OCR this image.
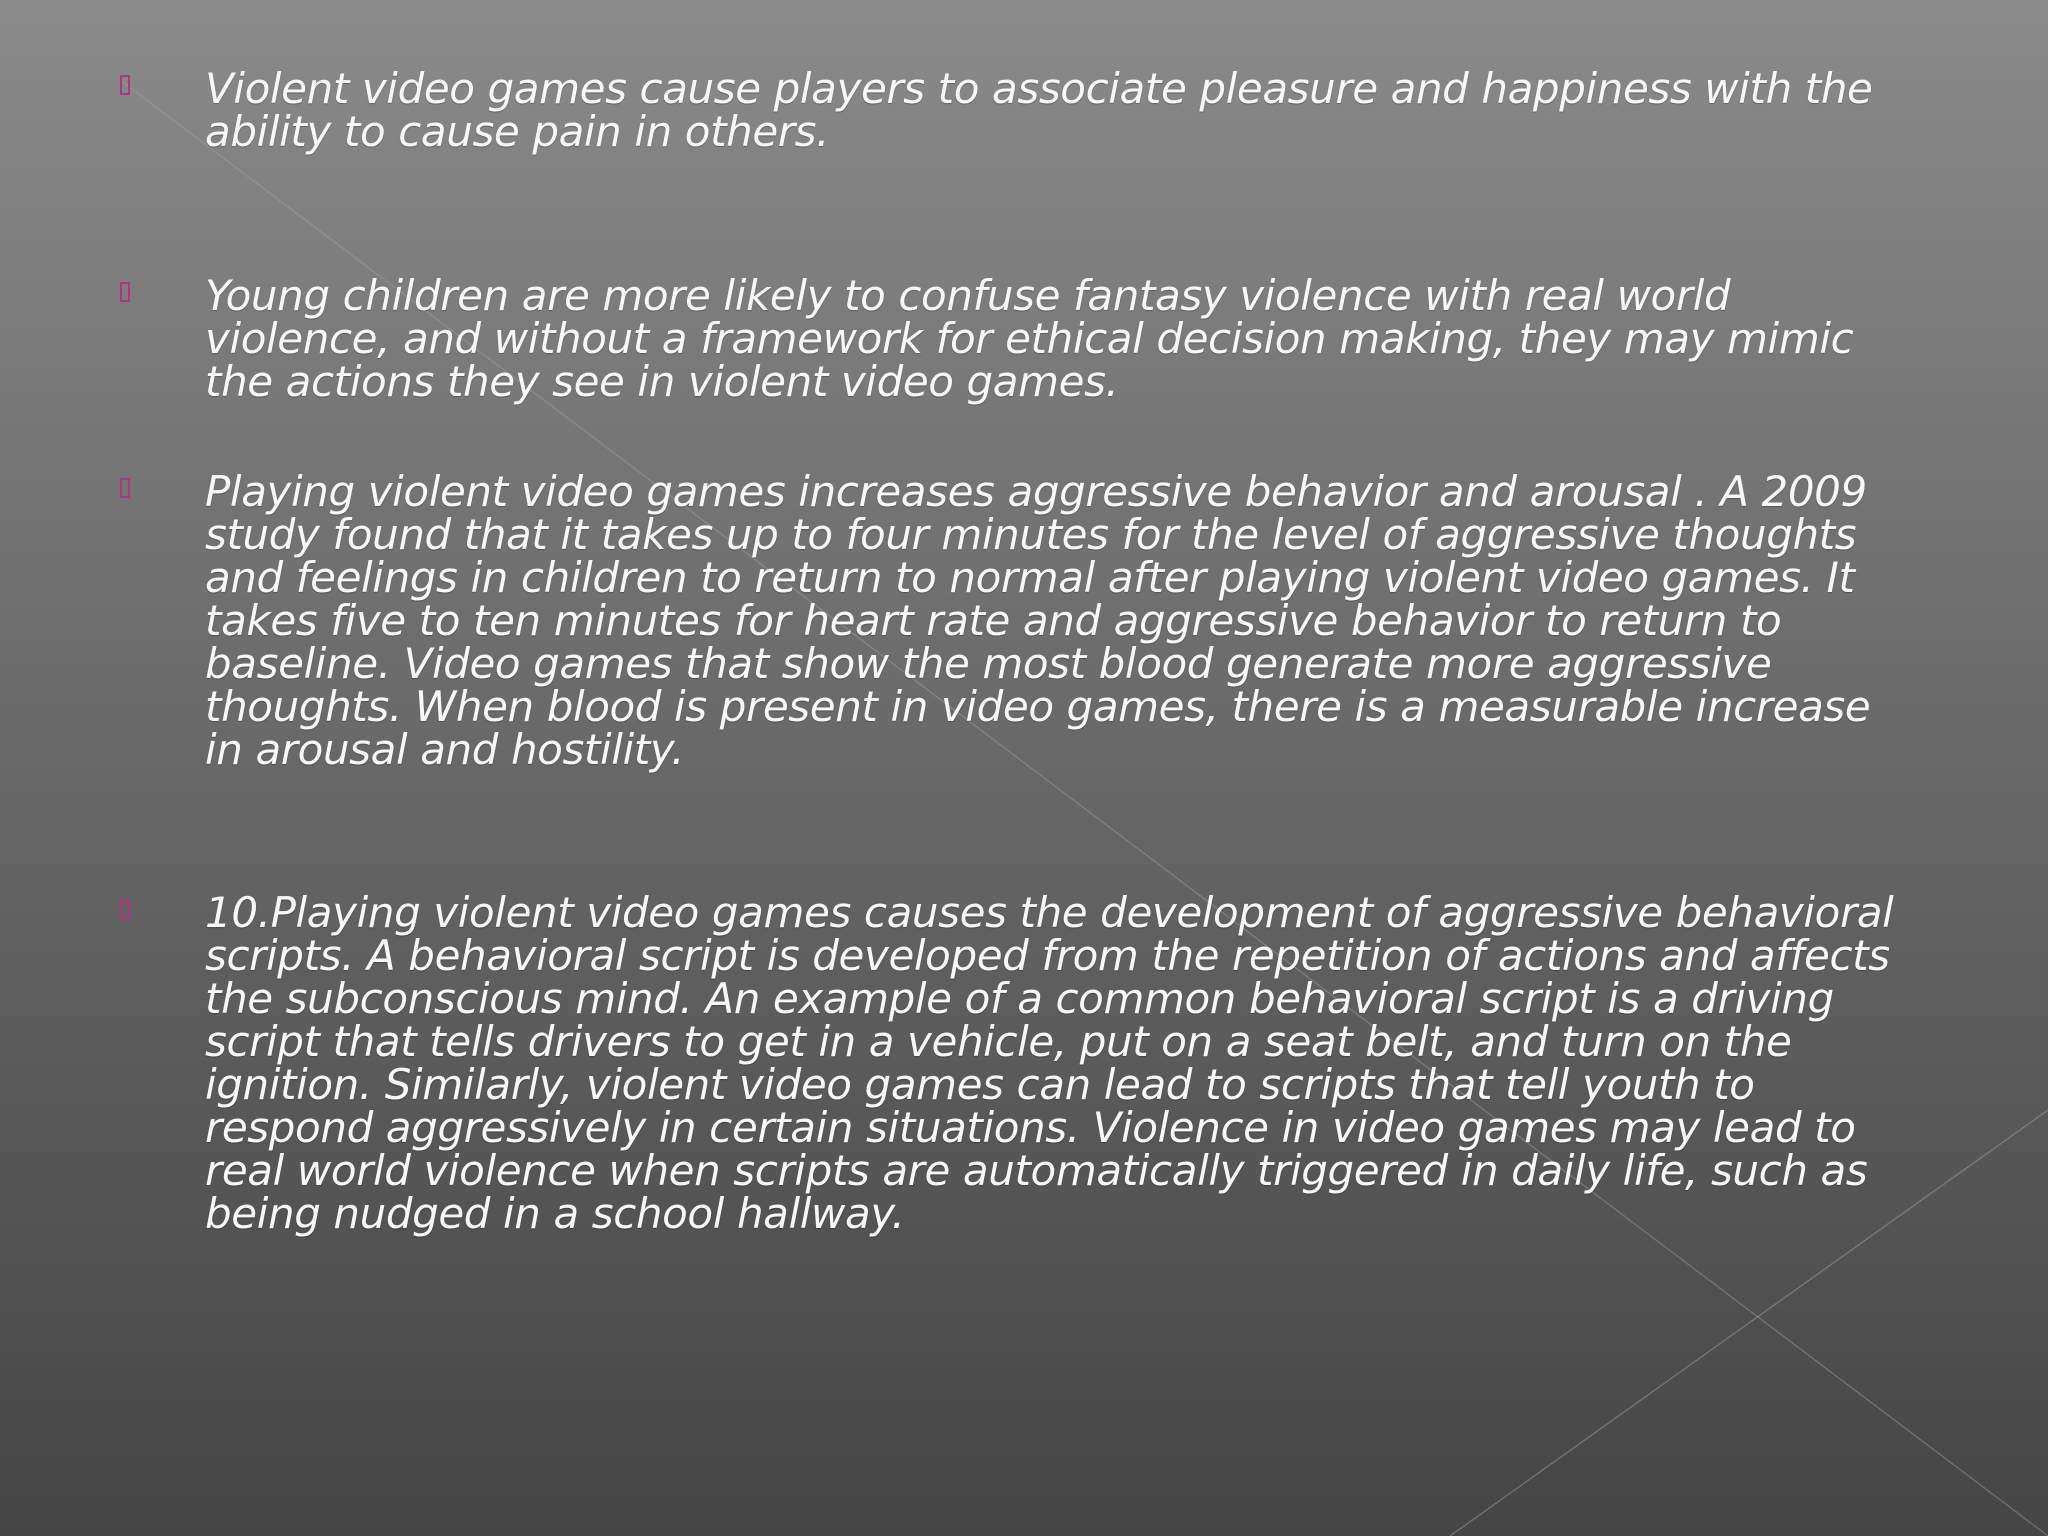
Violent video games cause players to associate pleasure and happiness with the ability to cause pain in others.
Young children are more likely to confuse fantasy violence with real world violence, and without a framework for ethical decision making, they may mimic the actions they see in violent video games.
Playing violent video games increases aggressive behavior and arousal . A 2009 study found that it takes up to four minutes for the level of aggressive thoughts and feelings in children to return to normal after playing violent video games. It takes five to ten minutes for heart rate and aggressive behavior to return to baseline. Video games that show the most blood generate more aggressive thoughts. When blood is present in video games, there is a measurable increase in arousal and hostility.
10.Playing violent video games causes the development of aggressive behavioral scripts. A behavioral script is developed from the repetition of actions and affects the subconscious mind. An example of a common behavioral script is a driving script that tells drivers to get in a vehicle, put on a seat belt, and turn on the ignition. Similarly, violent video games can lead to scripts that tell youth to respond aggressively in certain situations. Violence in video games may lead to real world violence when scripts are automatically triggered in daily life, such as being nudged in a school hallway.
